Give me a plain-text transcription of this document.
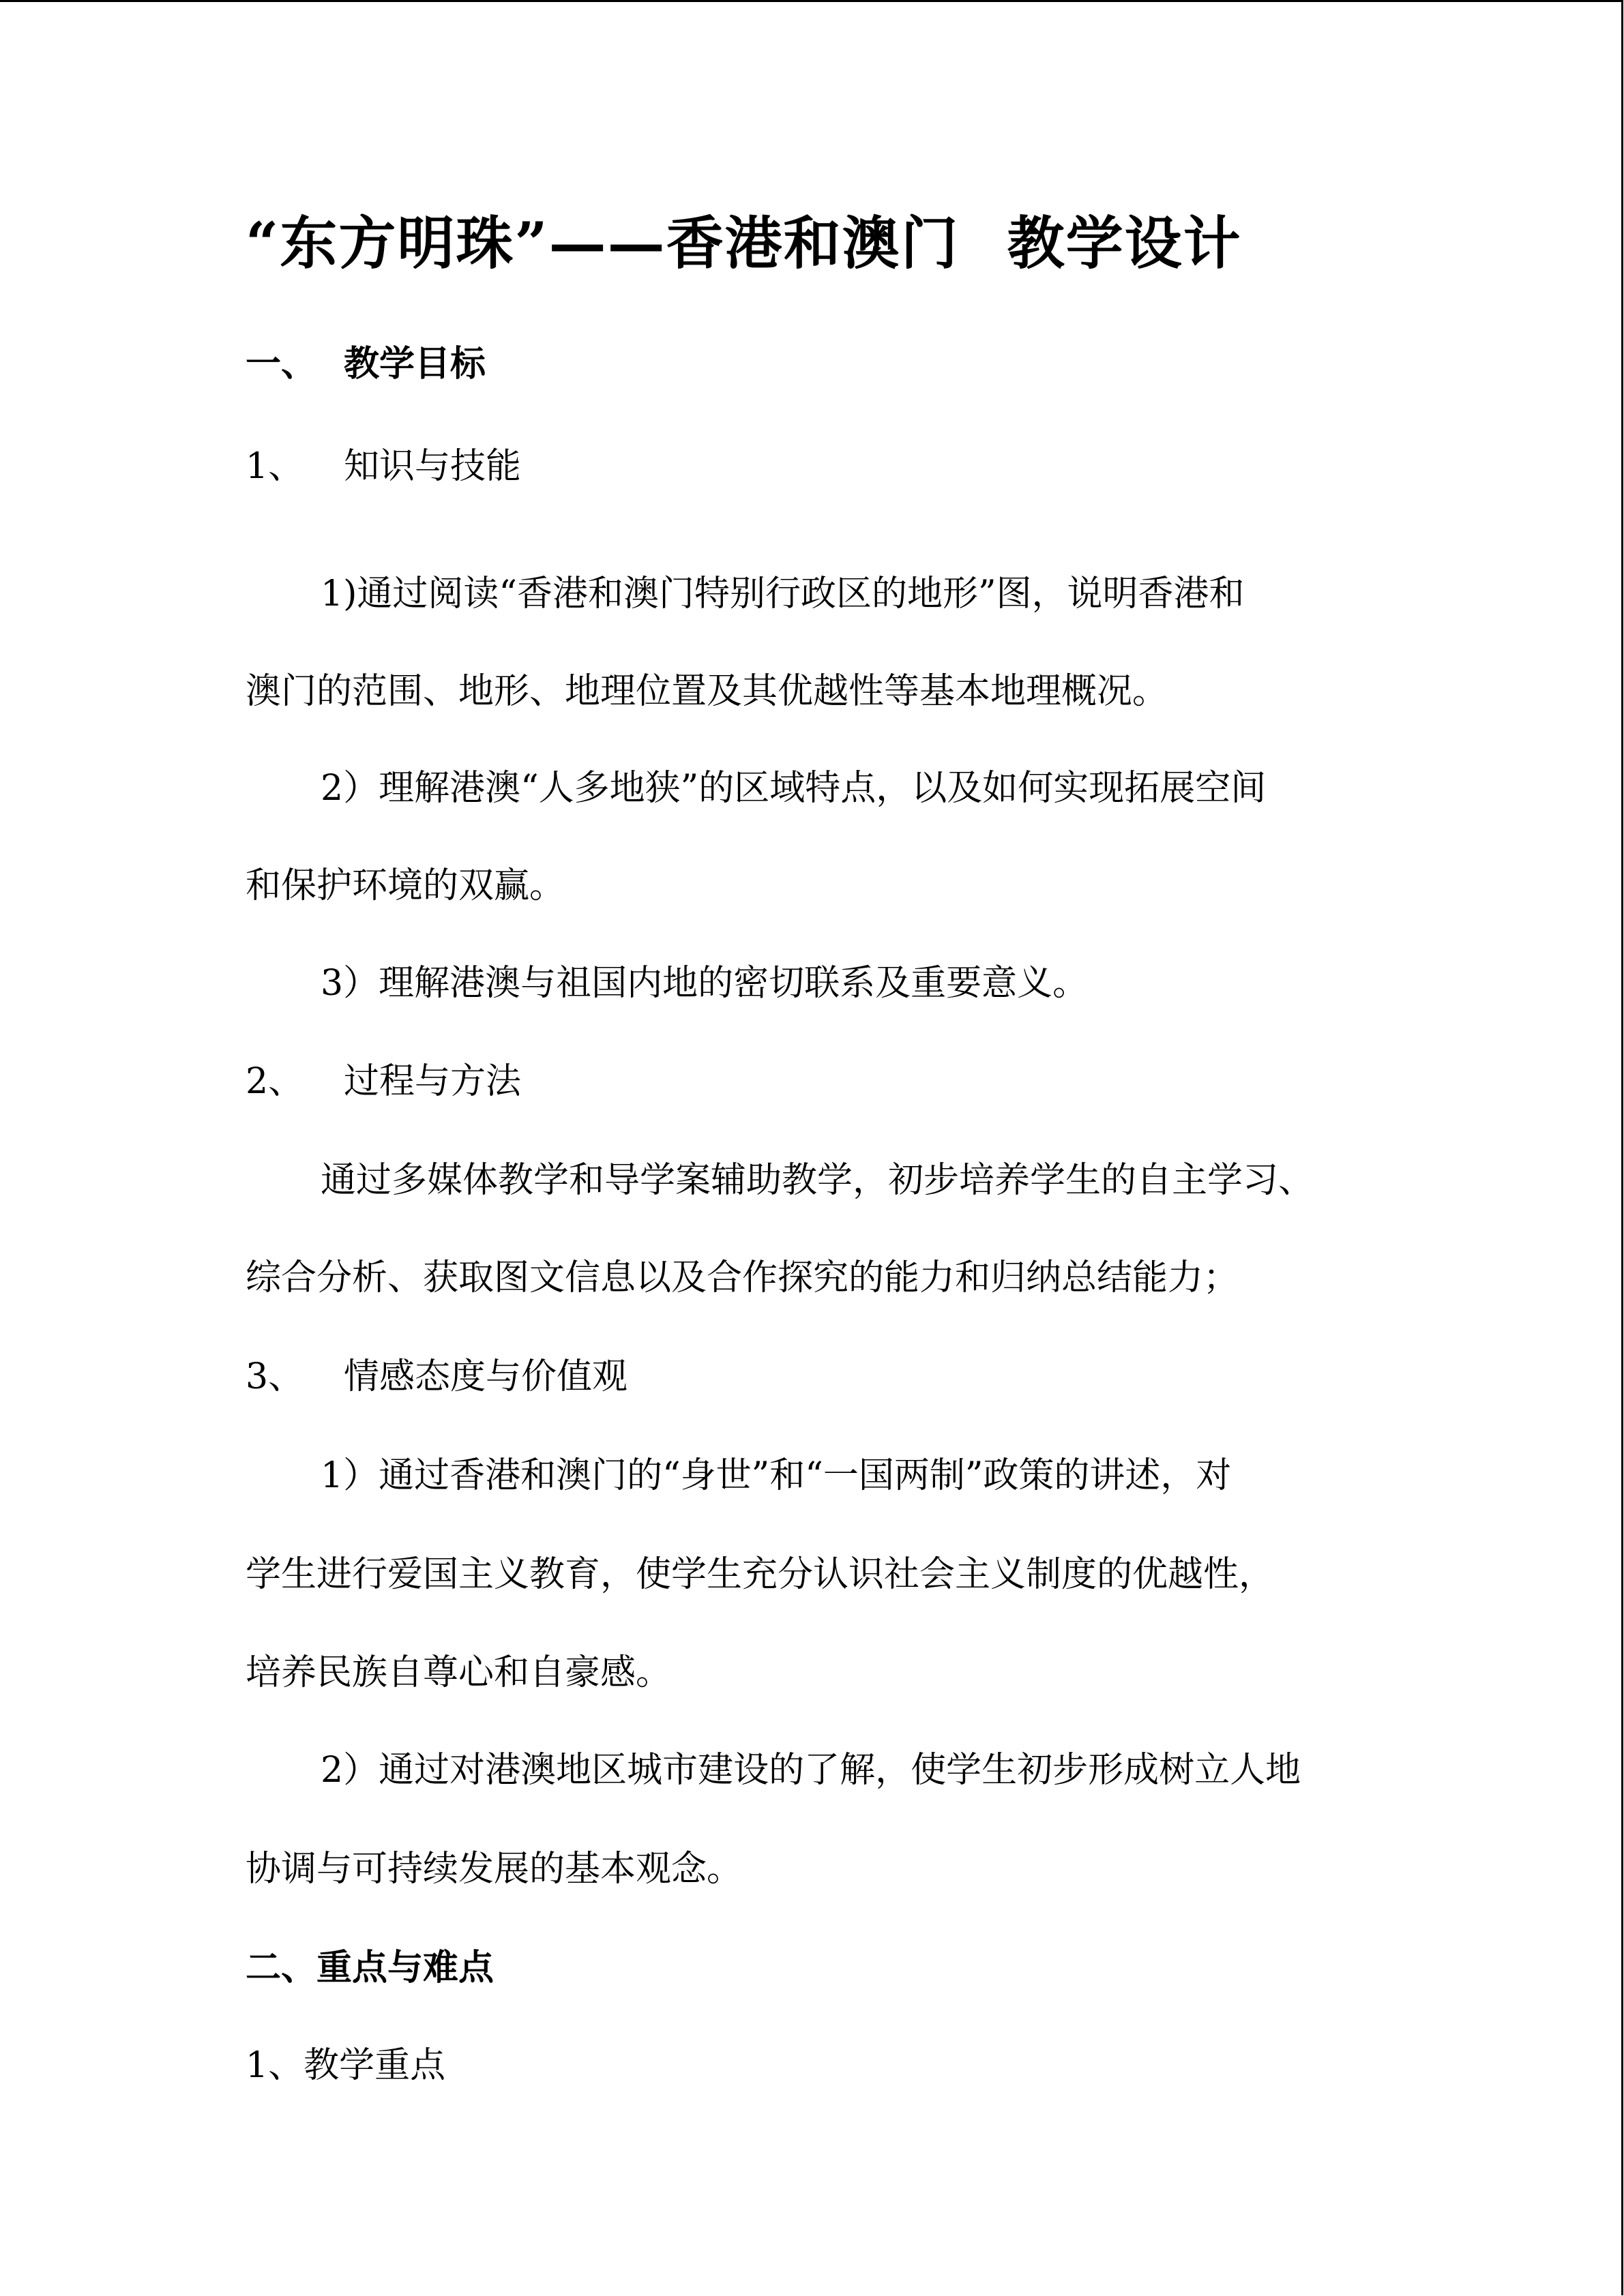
“东方明珠”——香港和澳门 教学设计
一、 教学目标
1、 知识与技能
1)通过阅读“香港和澳门特别行政区的地形”图，说明香港和
澳门的范围、地形、地理位置及其优越性等基本地理概况。
2）理解港澳“人多地狭”的区域特点，以及如何实现拓展空间
和保护环境的双赢。
3）理解港澳与祖国内地的密切联系及重要意义。
2、 过程与方法
通过多媒体教学和导学案辅助教学，初步培养学生的自主学习、
综合分析、获取图文信息以及合作探究的能力和归纳总结能力；
3、 情感态度与价值观
1）通过香港和澳门的“身世”和“一国两制”政策的讲述，对
学生进行爱国主义教育，使学生充分认识社会主义制度的优越性，
培养民族自尊心和自豪感。
2）通过对港澳地区城市建设的了解，使学生初步形成树立人地
协调与可持续发展的基本观念。
二、重点与难点
1、教学重点
